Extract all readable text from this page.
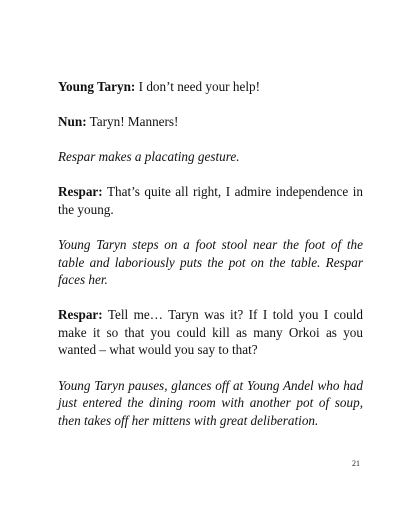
Young Taryn: I don’t need your help!

Nun: Taryn! Manners!

Respar makes a placating gesture.

Respar: That’s quite all right, I admire independence in the young.

Young Taryn steps on a foot stool near the foot of the table and laboriously puts the pot on the table. Respar faces her.

Respar: Tell me… Taryn was it? If I told you I could make it so that you could kill as many Orkoi as you wanted – what would you say to that?

Young Taryn pauses, glances off at Young Andel who had just entered the dining room with another pot of soup, then takes off her mittens with great deliberation.

21
